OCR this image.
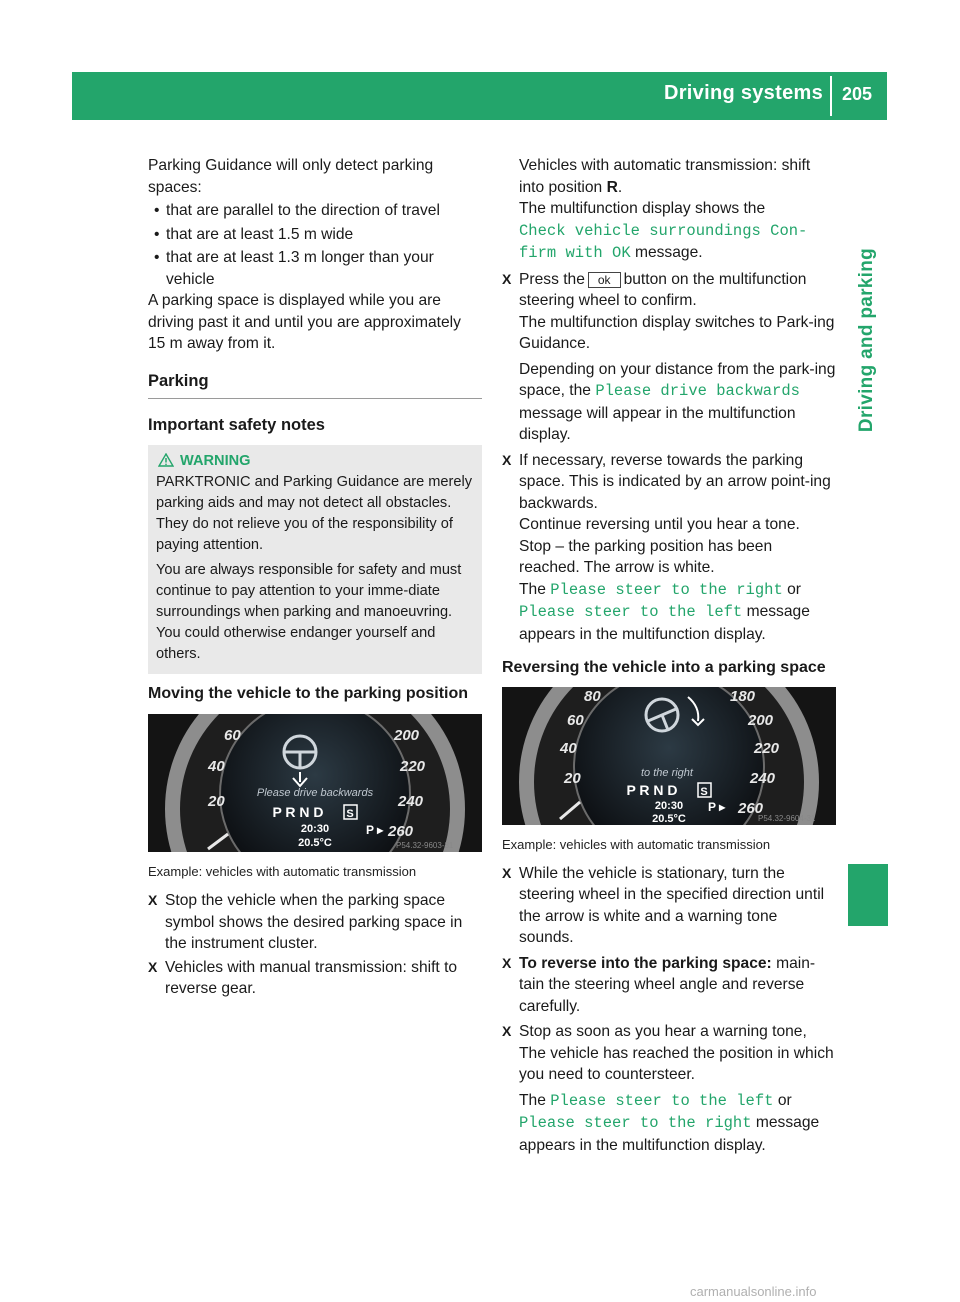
Driving systems 205
Driving and parking

Parking Guidance will only detect parking spaces:

• that are parallel to the direction of travel

• that are at least 1.5 m wide

• that are at least 1.3 m longer than your vehicle

A parking space is displayed while you are driving past it and until you are approximately 15 m away from it.

Parking

Important safety notes

WARNING

PARKTRONIC and Parking Guidance are merely parking aids and may not detect all obstacles. They do not relieve you of the responsibility of paying attention.

You are always responsible for safety and must continue to pay attention to your imme-diate surroundings when parking and manoeuvring. You could otherwise endanger yourself and others.

Moving the vehicle to the parking position

60
40
20
200
220
240
260
Please drive backwards
P R N D S
20:30
20.5°C
P ▸
P54.32-9603-31

Example: vehicles with automatic transmission

X Stop the vehicle when the parking space symbol shows the desired parking space in the instrument cluster.

X Vehicles with manual transmission: shift to reverse gear.

Vehicles with automatic transmission: shift into position R.

The multifunction display shows the
Check vehicle surroundings Con‐
firm with OK message.

X Press the ok button on the multifunction steering wheel to confirm.

The multifunction display switches to Park-ing Guidance.

Depending on your distance from the park-ing space, the Please drive backwards message will appear in the multifunction display.

X If necessary, reverse towards the parking space. This is indicated by an arrow point-ing backwards.

Continue reversing until you hear a tone.

Stop – the parking position has been reached. The arrow is white.

The Please steer to the right or
Please steer to the left message
appears in the multifunction display.

Reversing the vehicle into a parking space

80
60
40
20
180
200
220
240
260
to the right
P R N D S
20:30
20.5°C
P ▸
P54.32-9604-31

Example: vehicles with automatic transmission

X While the vehicle is stationary, turn the steering wheel in the specified direction until the arrow is white and a warning tone sounds.

X To reverse into the parking space: main-tain the steering wheel angle and reverse carefully.

X Stop as soon as you hear a warning tone, The vehicle has reached the position in which you need to countersteer.

The Please steer to the left or
Please steer to the right message
appears in the multifunction display.

carmanualsonline.info
